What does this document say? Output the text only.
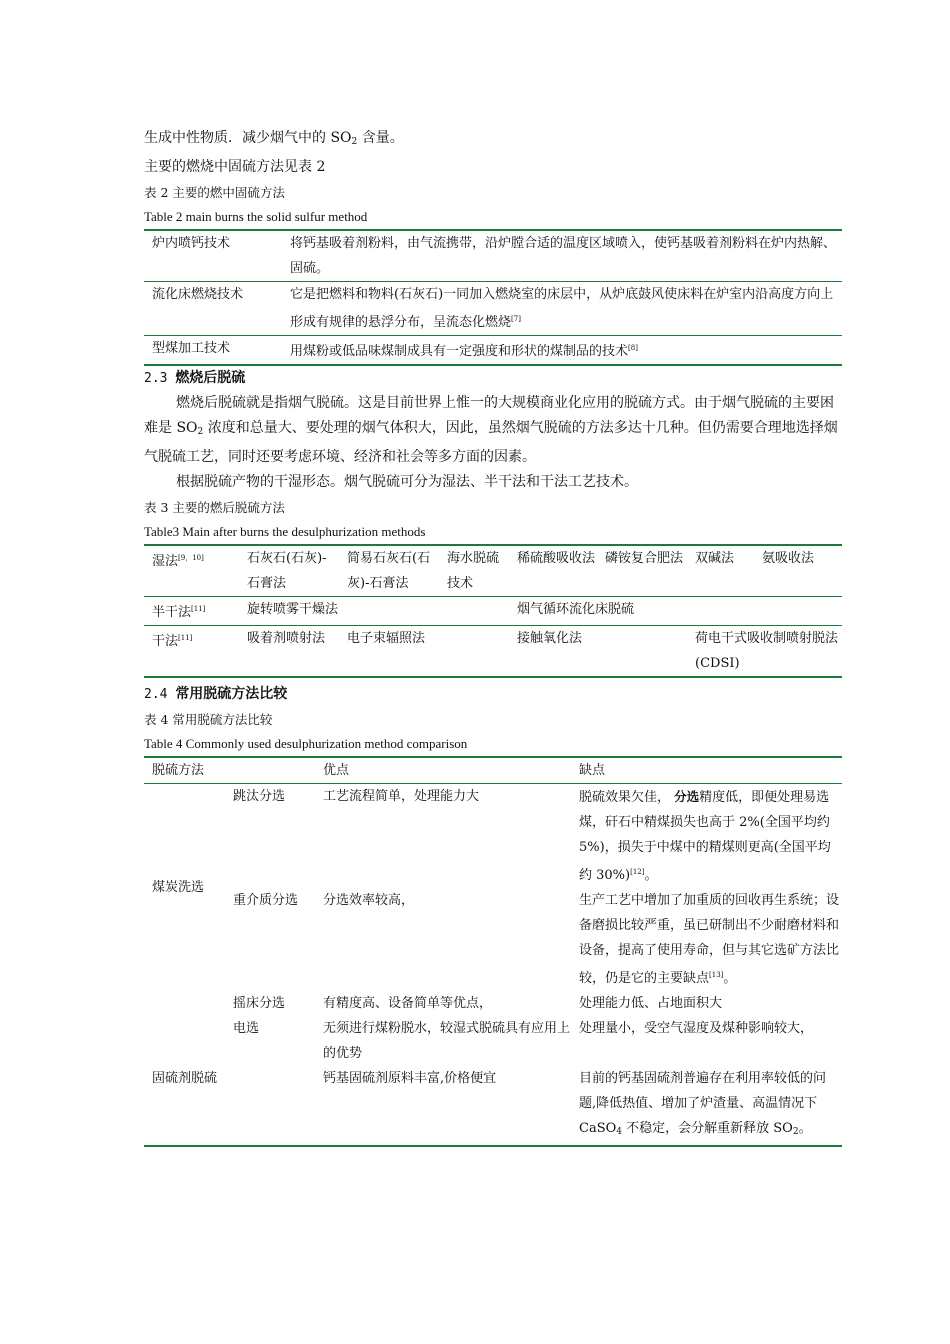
生成中性物质．减少烟气中的 $SO_2$ 含量。

主要的燃烧中固硫方法见表 2

表 2 主要的燃中固硫方法

Table 2 main burns the solid sulfur method

炉内喷钙技术	将钙基吸着剂粉料，由气流携带，沿炉膛合适的温度区域喷入，使钙基吸着剂粉料在炉内热解、固硫。
流化床燃烧技术	它是把燃料和物料(石灰石)一同加入燃烧室的床层中，从炉底鼓风使床料在炉室内沿高度方向上形成有规律的悬浮分布，呈流态化燃烧[7]
型煤加工技术	用煤粉或低品味煤制成具有一定强度和形状的煤制品的技术[8]

2.3 燃烧后脱硫

燃烧后脱硫就是指烟气脱硫。这是目前世界上惟一的大规模商业化应用的脱硫方式。由于烟气脱硫的主要困难是 $SO_2$ 浓度和总量大、要处理的烟气体积大，因此，虽然烟气脱硫的方法多达十几种。但仍需要合理地选择烟气脱硫工艺，同时还要考虑环境、经济和社会等多方面的因素。

根据脱硫产物的干湿形态。烟气脱硫可分为湿法、半干法和干法工艺技术。

表 3 主要的燃后脱硫方法

Table3 Main after burns the desulphurization methods

湿法[9，10]	石灰石(石灰)-石膏法	简易石灰石(石灰)-石膏法	海水脱硫技术	稀硫酸吸收法	磷铵复合肥法	双碱法	氨吸收法
半干法[11]	旋转喷雾干燥法			烟气循环流化床脱硫			
干法[11]	吸着剂喷射法	电子束辐照法		接触氧化法		荷电干式吸收制喷射脱法(CDSI)	

2.4 常用脱硫方法比较

表 4 常用脱硫方法比较

Table 4 Commonly used desulphurization method comparison

脱硫方法		优点	缺点
煤炭洗选	跳汰分选	工艺流程简单，处理能力大	脱硫效果欠佳， 分选精度低，即便处理易选煤，矸石中精煤损失也高于 2%(全国平均约 5%)，损失于中煤中的精煤则更高(全国平均约 30%)[12]。
	重介质分选	分选效率较高，	生产工艺中增加了加重质的回收再生系统；设备磨损比较严重，虽已研制出不少耐磨材料和设备，提高了使用寿命，但与其它选矿方法比较，仍是它的主要缺点[13]。
	摇床分选	有精度高、设备简单等优点，	处理能力低、占地面积大
	电选	无须进行煤粉脱水，较湿式脱硫具有应用上的优势	处理量小，受空气湿度及煤种影响较大，
固硫剂脱硫		钙基固硫剂原料丰富,价格便宜	目前的钙基固硫剂普遍存在利用率较低的问题,降低热值、增加了炉渣量、高温情况下 CaSO$_4$ 不稳定，会分解重新释放 $SO_2$。
